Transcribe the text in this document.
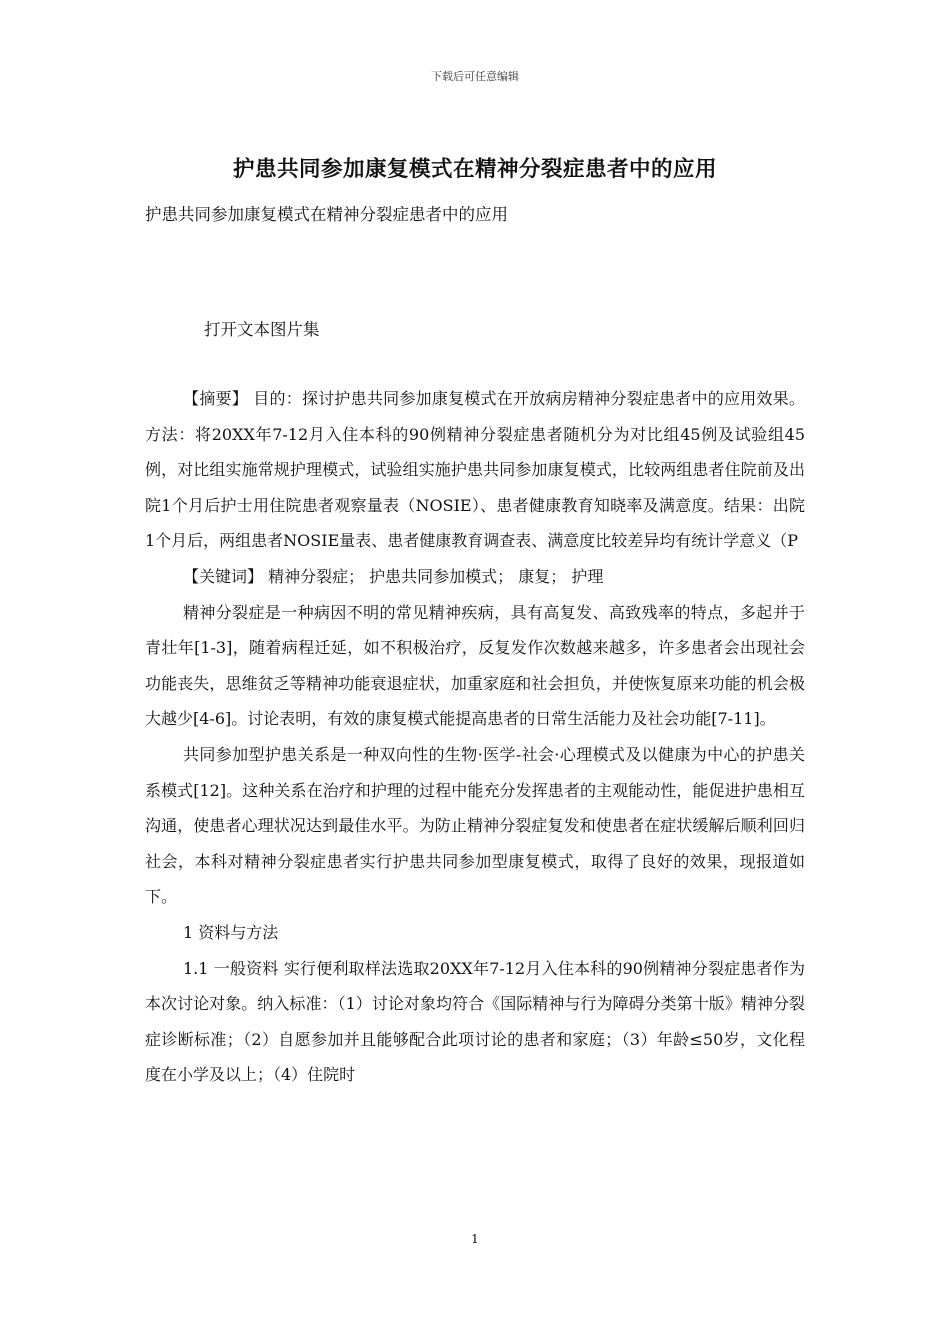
下载后可任意编辑
护患共同参加康复模式在精神分裂症患者中的应用
护患共同参加康复模式在精神分裂症患者中的应用
打开文本图片集

【摘要】 目的：探讨护患共同参加康复模式在开放病房精神分裂症患者中的应用效果。方法：将20XX年7-12月入住本科的90例精神分裂症患者随机分为对比组45例及试验组45例，对比组实施常规护理模式，试验组实施护患共同参加康复模式，比较两组患者住院前及出院1个月后护士用住院患者观察量表（NOSIE）、患者健康教育知晓率及满意度。结果：出院1个月后，两组患者NOSIE量表、患者健康教育调查表、满意度比较差异均有统计学意义（P

【关键词】 精神分裂症； 护患共同参加模式； 康复； 护理

精神分裂症是一种病因不明的常见精神疾病，具有高复发、高致残率的特点，多起并于青壮年[1-3]，随着病程迁延，如不积极治疗，反复发作次数越来越多，许多患者会出现社会功能丧失，思维贫乏等精神功能衰退症状，加重家庭和社会担负，并使恢复原来功能的机会极大越少[4-6]。讨论表明，有效的康复模式能提高患者的日常生活能力及社会功能[7-11]。

共同参加型护患关系是一种双向性的生物·医学-社会·心理模式及以健康为中心的护患关系模式[12]。这种关系在治疗和护理的过程中能充分发挥患者的主观能动性，能促进护患相互沟通，使患者心理状况达到最佳水平。为防止精神分裂症复发和使患者在症状缓解后顺利回归社会，本科对精神分裂症患者实行护患共同参加型康复模式，取得了良好的效果，现报道如下。

1 资料与方法

1.1 一般资料 实行便利取样法选取20XX年7-12月入住本科的90例精神分裂症患者作为本次讨论对象。纳入标准：（1）讨论对象均符合《国际精神与行为障碍分类第十版》精神分裂症诊断标准；（2）自愿参加并且能够配合此项讨论的患者和家庭；（3）年龄≤50岁，文化程度在小学及以上；（4）住院时

1
